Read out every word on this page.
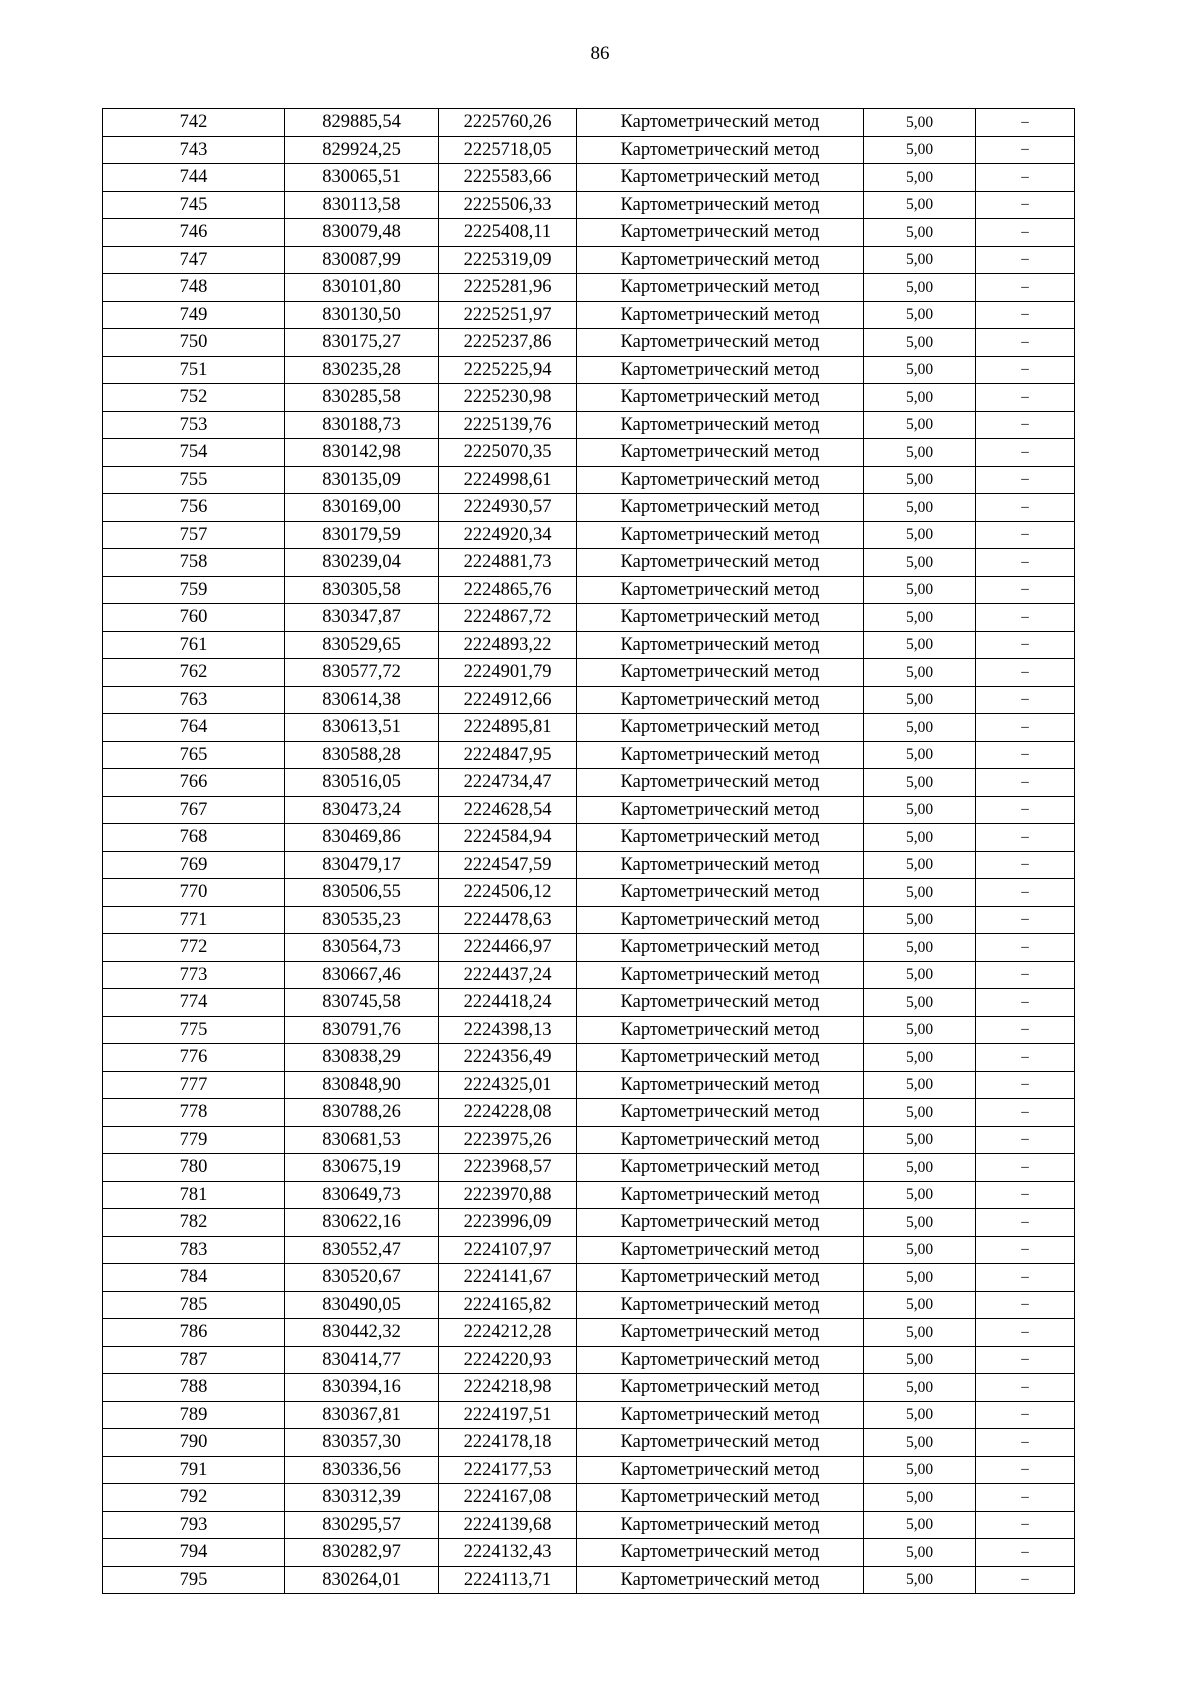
86
742	829885,54	2225760,26	Картометрический метод	5,00	–
743	829924,25	2225718,05	Картометрический метод	5,00	–
744	830065,51	2225583,66	Картометрический метод	5,00	–
745	830113,58	2225506,33	Картометрический метод	5,00	–
746	830079,48	2225408,11	Картометрический метод	5,00	–
747	830087,99	2225319,09	Картометрический метод	5,00	–
748	830101,80	2225281,96	Картометрический метод	5,00	–
749	830130,50	2225251,97	Картометрический метод	5,00	–
750	830175,27	2225237,86	Картометрический метод	5,00	–
751	830235,28	2225225,94	Картометрический метод	5,00	–
752	830285,58	2225230,98	Картометрический метод	5,00	–
753	830188,73	2225139,76	Картометрический метод	5,00	–
754	830142,98	2225070,35	Картометрический метод	5,00	–
755	830135,09	2224998,61	Картометрический метод	5,00	–
756	830169,00	2224930,57	Картометрический метод	5,00	–
757	830179,59	2224920,34	Картометрический метод	5,00	–
758	830239,04	2224881,73	Картометрический метод	5,00	–
759	830305,58	2224865,76	Картометрический метод	5,00	–
760	830347,87	2224867,72	Картометрический метод	5,00	–
761	830529,65	2224893,22	Картометрический метод	5,00	–
762	830577,72	2224901,79	Картометрический метод	5,00	–
763	830614,38	2224912,66	Картометрический метод	5,00	–
764	830613,51	2224895,81	Картометрический метод	5,00	–
765	830588,28	2224847,95	Картометрический метод	5,00	–
766	830516,05	2224734,47	Картометрический метод	5,00	–
767	830473,24	2224628,54	Картометрический метод	5,00	–
768	830469,86	2224584,94	Картометрический метод	5,00	–
769	830479,17	2224547,59	Картометрический метод	5,00	–
770	830506,55	2224506,12	Картометрический метод	5,00	–
771	830535,23	2224478,63	Картометрический метод	5,00	–
772	830564,73	2224466,97	Картометрический метод	5,00	–
773	830667,46	2224437,24	Картометрический метод	5,00	–
774	830745,58	2224418,24	Картометрический метод	5,00	–
775	830791,76	2224398,13	Картометрический метод	5,00	–
776	830838,29	2224356,49	Картометрический метод	5,00	–
777	830848,90	2224325,01	Картометрический метод	5,00	–
778	830788,26	2224228,08	Картометрический метод	5,00	–
779	830681,53	2223975,26	Картометрический метод	5,00	–
780	830675,19	2223968,57	Картометрический метод	5,00	–
781	830649,73	2223970,88	Картометрический метод	5,00	–
782	830622,16	2223996,09	Картометрический метод	5,00	–
783	830552,47	2224107,97	Картометрический метод	5,00	–
784	830520,67	2224141,67	Картометрический метод	5,00	–
785	830490,05	2224165,82	Картометрический метод	5,00	–
786	830442,32	2224212,28	Картометрический метод	5,00	–
787	830414,77	2224220,93	Картометрический метод	5,00	–
788	830394,16	2224218,98	Картометрический метод	5,00	–
789	830367,81	2224197,51	Картометрический метод	5,00	–
790	830357,30	2224178,18	Картометрический метод	5,00	–
791	830336,56	2224177,53	Картометрический метод	5,00	–
792	830312,39	2224167,08	Картометрический метод	5,00	–
793	830295,57	2224139,68	Картометрический метод	5,00	–
794	830282,97	2224132,43	Картометрический метод	5,00	–
795	830264,01	2224113,71	Картометрический метод	5,00	–
